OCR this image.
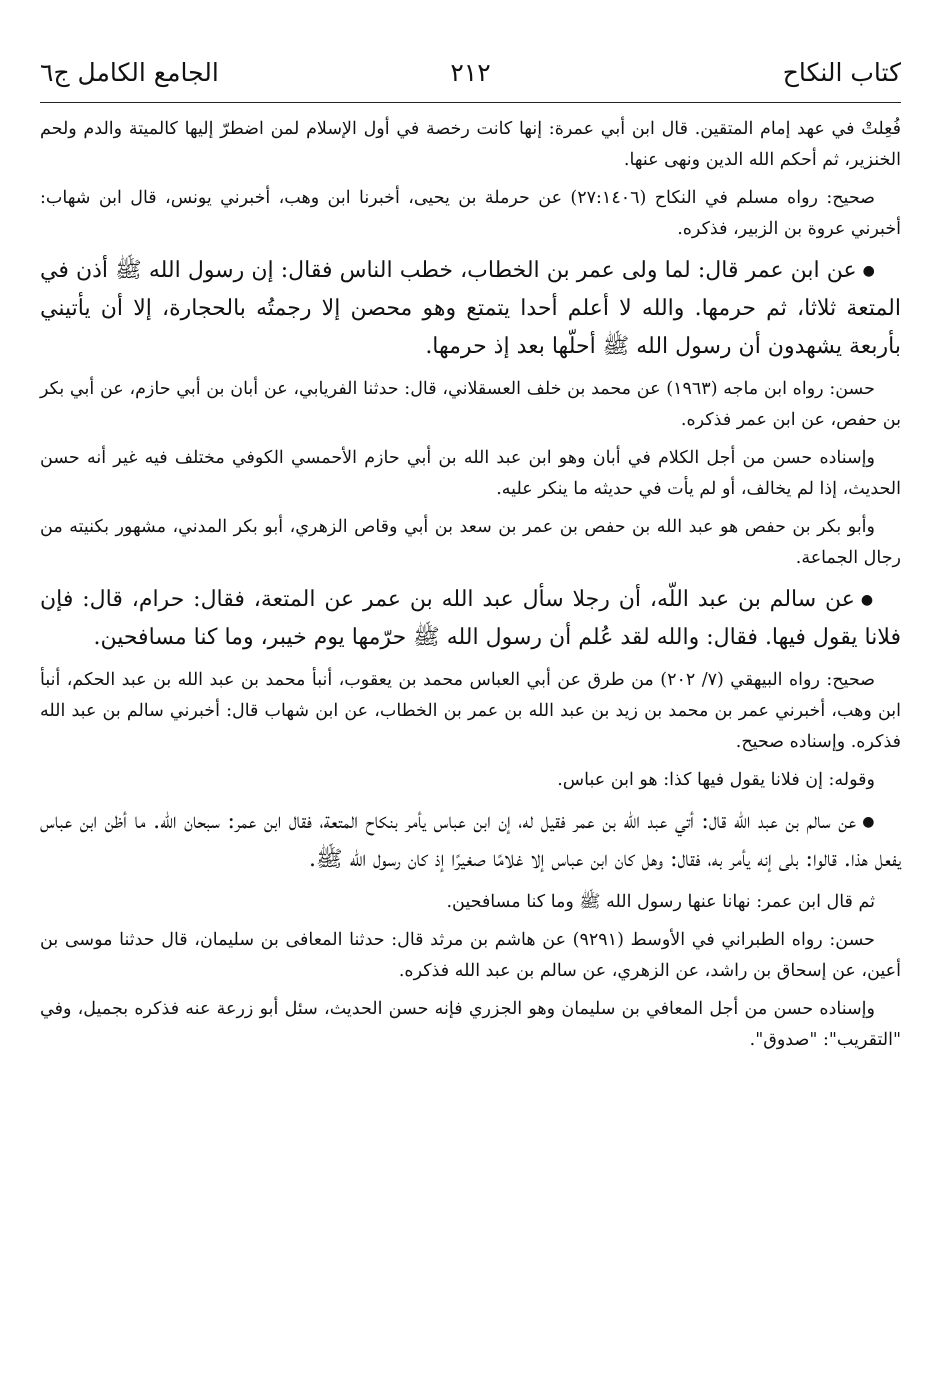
كتاب النكاح
٢١٢
الجامع الكامل ج٦

فُعِلتْ في عهد إمام المتقين. قال ابن أبي عمرة: إنها كانت رخصة في أول الإسلام لمن اضطرّ إليها كالميتة والدم ولحم الخنزير، ثم أحكم الله الدين ونهى عنها.

صحيح: رواه مسلم في النكاح (٢٧:١٤٠٦) عن حرملة بن يحيى، أخبرنا ابن وهب، أخبرني يونس، قال ابن شهاب: أخبرني عروة بن الزبير، فذكره.

●عن ابن عمر قال: لما ولى عمر بن الخطاب، خطب الناس فقال: إن رسول الله ﷺ أذن في المتعة ثلاثا، ثم حرمها. والله لا أعلم أحدا يتمتع وهو محصن إلا رجمتُه بالحجارة، إلا أن يأتيني بأربعة يشهدون أن رسول الله ﷺ أحلّها بعد إذ حرمها.

حسن: رواه ابن ماجه (١٩٦٣) عن محمد بن خلف العسقلاني، قال: حدثنا الفريابي، عن أبان بن أبي حازم، عن أبي بكر بن حفص، عن ابن عمر فذكره.

وإسناده حسن من أجل الكلام في أبان وهو ابن عبد الله بن أبي حازم الأحمسي الكوفي مختلف فيه غير أنه حسن الحديث، إذا لم يخالف، أو لم يأت في حديثه ما ينكر عليه.

وأبو بكر بن حفص هو عبد الله بن حفص بن عمر بن سعد بن أبي وقاص الزهري، أبو بكر المدني، مشهور بكنيته من رجال الجماعة.

●عن سالم بن عبد اللّه، أن رجلا سأل عبد الله بن عمر عن المتعة، فقال: حرام، قال: فإن فلانا يقول فيها. فقال: والله لقد عُلم أن رسول الله ﷺ حرّمها يوم خيبر، وما كنا مسافحين.

صحيح: رواه البيهقي (٧/ ٢٠٢) من طرق عن أبي العباس محمد بن يعقوب، أنبأ محمد بن عبد الله بن عبد الحكم، أنبأ ابن وهب، أخبرني عمر بن محمد بن زيد بن عبد الله بن عمر بن الخطاب، عن ابن شهاب قال: أخبرني سالم بن عبد الله فذكره. وإسناده صحيح.

وقوله: إن فلانا يقول فيها كذا: هو ابن عباس.

●عن سالم بن عبد الله قال: أتي عبد الله بن عمر فقيل له، إن ابن عباس يأمر بنكاح المتعة، فقال ابن عمر: سبحان اللّه. ما أظن ابن عباس يفعل هذا. قالوا: بلى إنه يأمر به، فقال: وهل كان ابن عباس إلا غلامًا صغيرًا إذ كان رسول الله ﷺ.

ثم قال ابن عمر: نهانا عنها رسول الله ﷺ وما كنا مسافحين.

حسن: رواه الطبراني في الأوسط (٩٢٩١) عن هاشم بن مرثد قال: حدثنا المعافى بن سليمان، قال حدثنا موسى بن أعين، عن إسحاق بن راشد، عن الزهري، عن سالم بن عبد الله فذكره.

وإسناده حسن من أجل المعافي بن سليمان وهو الجزري فإنه حسن الحديث، سئل أبو زرعة عنه فذكره بجميل، وفي "التقريب": "صدوق".
